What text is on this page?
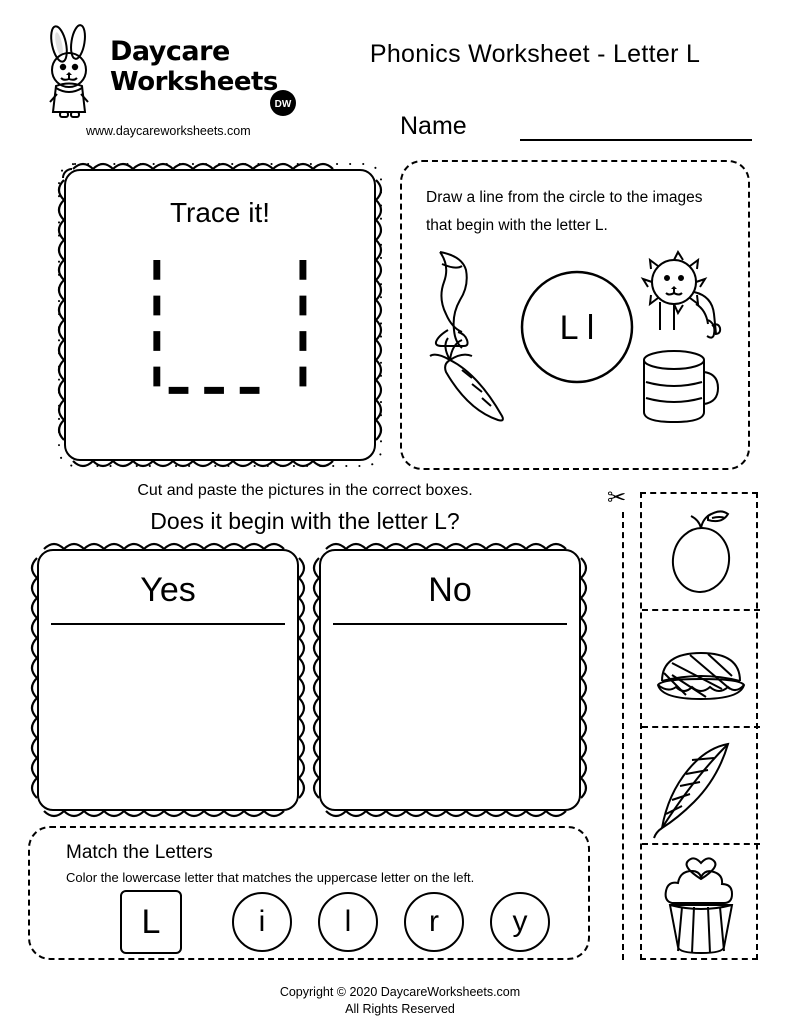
Daycare
Worksheets
DW
www.daycareworksheets.com
Phonics Worksheet - Letter L
Name
Trace it!	Draw a line from the circle to the images that begin with the letter L.
L l
Cut and paste the pictures in the correct boxes.
Does it begin with the letter L?
Yes	No
Match the Letters
Color the lowercase letter that matches the uppercase letter on the left.
L	i	l	r	y
✂
Copyright © 2020 DaycareWorksheets.com
All Rights Reserved
